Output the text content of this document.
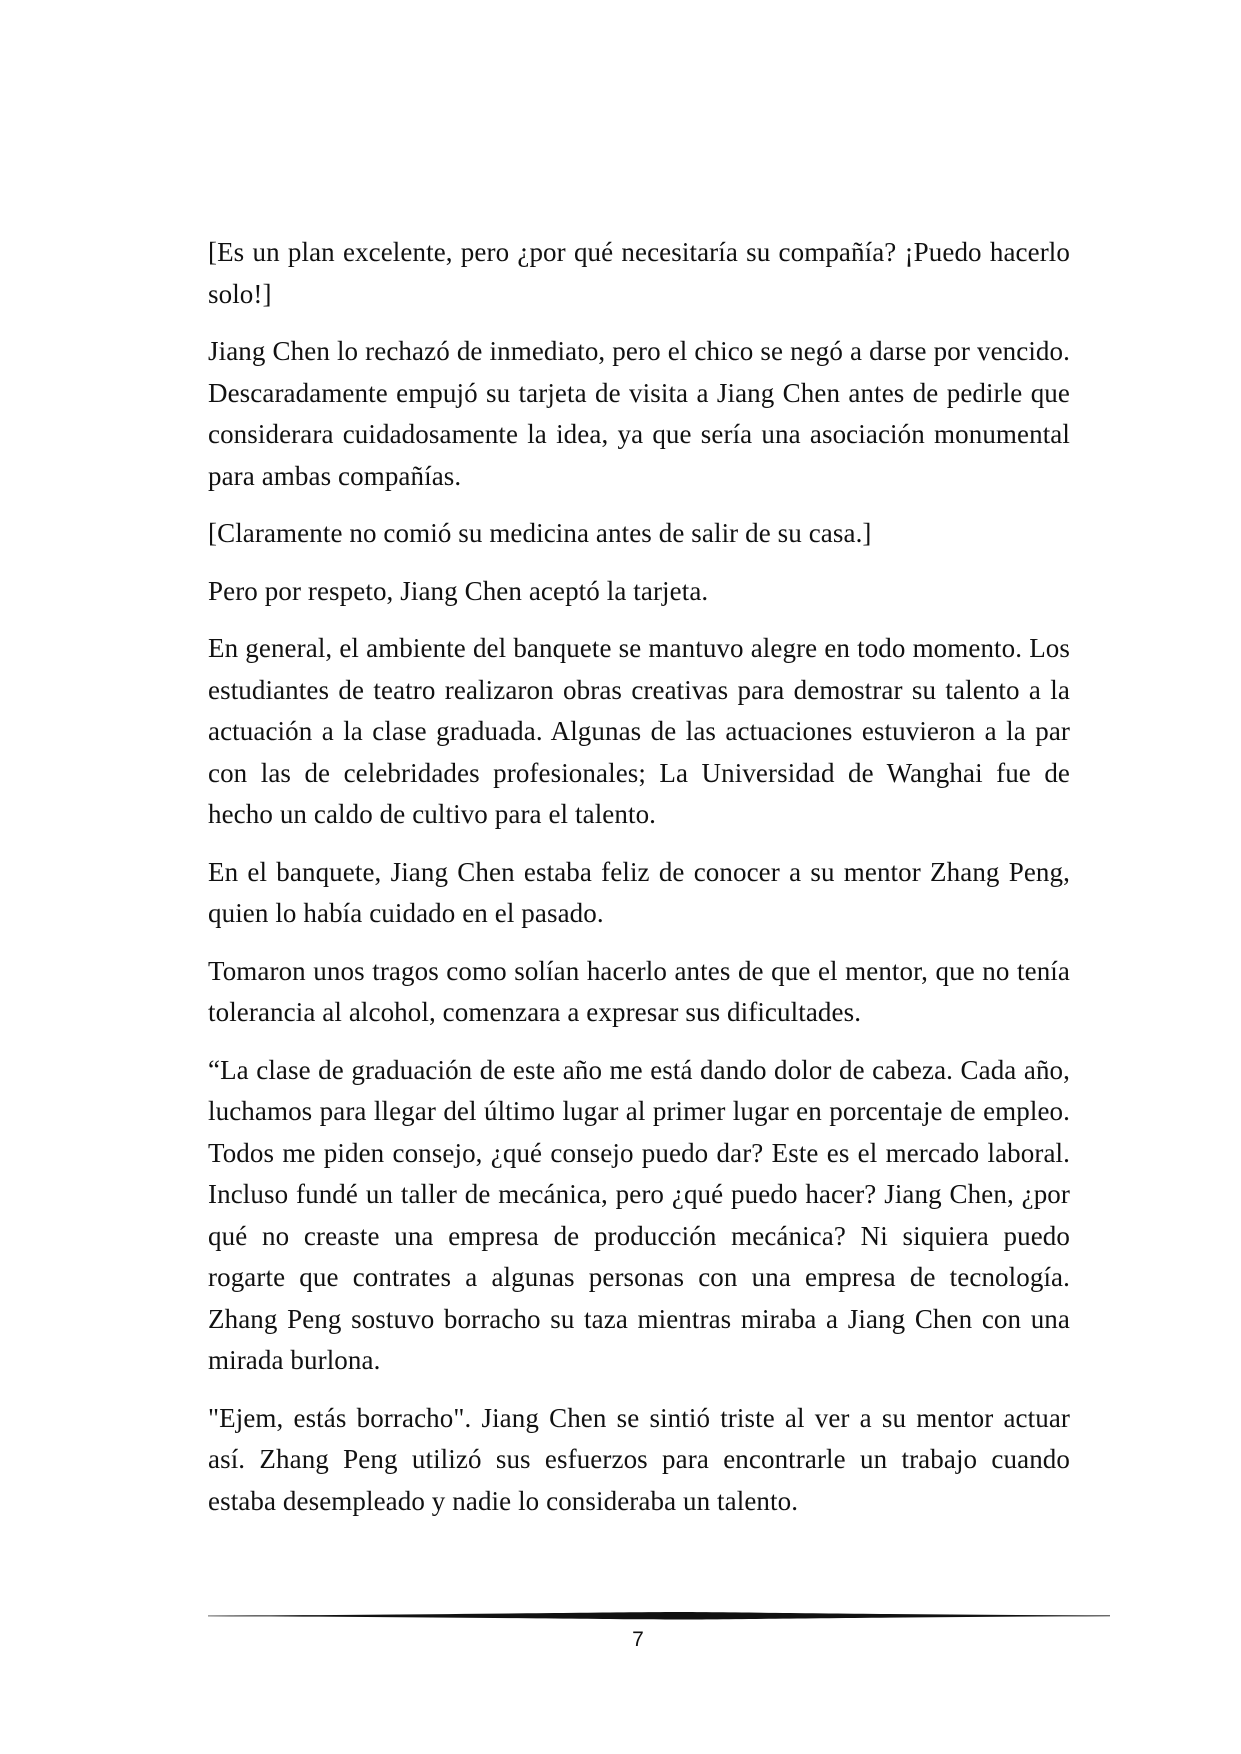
[Es un plan excelente, pero ¿por qué necesitaría su compañía? ¡Puedo hacerlo solo!]

Jiang Chen lo rechazó de inmediato, pero el chico se negó a darse por vencido. Descaradamente empujó su tarjeta de visita a Jiang Chen antes de pedirle que considerara cuidadosamente la idea, ya que sería una asociación monumental para ambas compañías.

[Claramente no comió su medicina antes de salir de su casa.]

Pero por respeto, Jiang Chen aceptó la tarjeta.

En general, el ambiente del banquete se mantuvo alegre en todo momento. Los estudiantes de teatro realizaron obras creativas para demostrar su talento a la actuación a la clase graduada. Algunas de las actuaciones estuvieron a la par con las de celebridades profesionales; La Universidad de Wanghai fue de hecho un caldo de cultivo para el talento.

En el banquete, Jiang Chen estaba feliz de conocer a su mentor Zhang Peng, quien lo había cuidado en el pasado.

Tomaron unos tragos como solían hacerlo antes de que el mentor, que no tenía tolerancia al alcohol, comenzara a expresar sus dificultades.

“La clase de graduación de este año me está dando dolor de cabeza. Cada año, luchamos para llegar del último lugar al primer lugar en porcentaje de empleo. Todos me piden consejo, ¿qué consejo puedo dar? Este es el mercado laboral. Incluso fundé un taller de mecánica, pero ¿qué puedo hacer? Jiang Chen, ¿por qué no creaste una empresa de producción mecánica? Ni siquiera puedo rogarte que contrates a algunas personas con una empresa de tecnología. Zhang Peng sostuvo borracho su taza mientras miraba a Jiang Chen con una mirada burlona.

"Ejem, estás borracho". Jiang Chen se sintió triste al ver a su mentor actuar así. Zhang Peng utilizó sus esfuerzos para encontrarle un trabajo cuando estaba desempleado y nadie lo consideraba un talento.

7
